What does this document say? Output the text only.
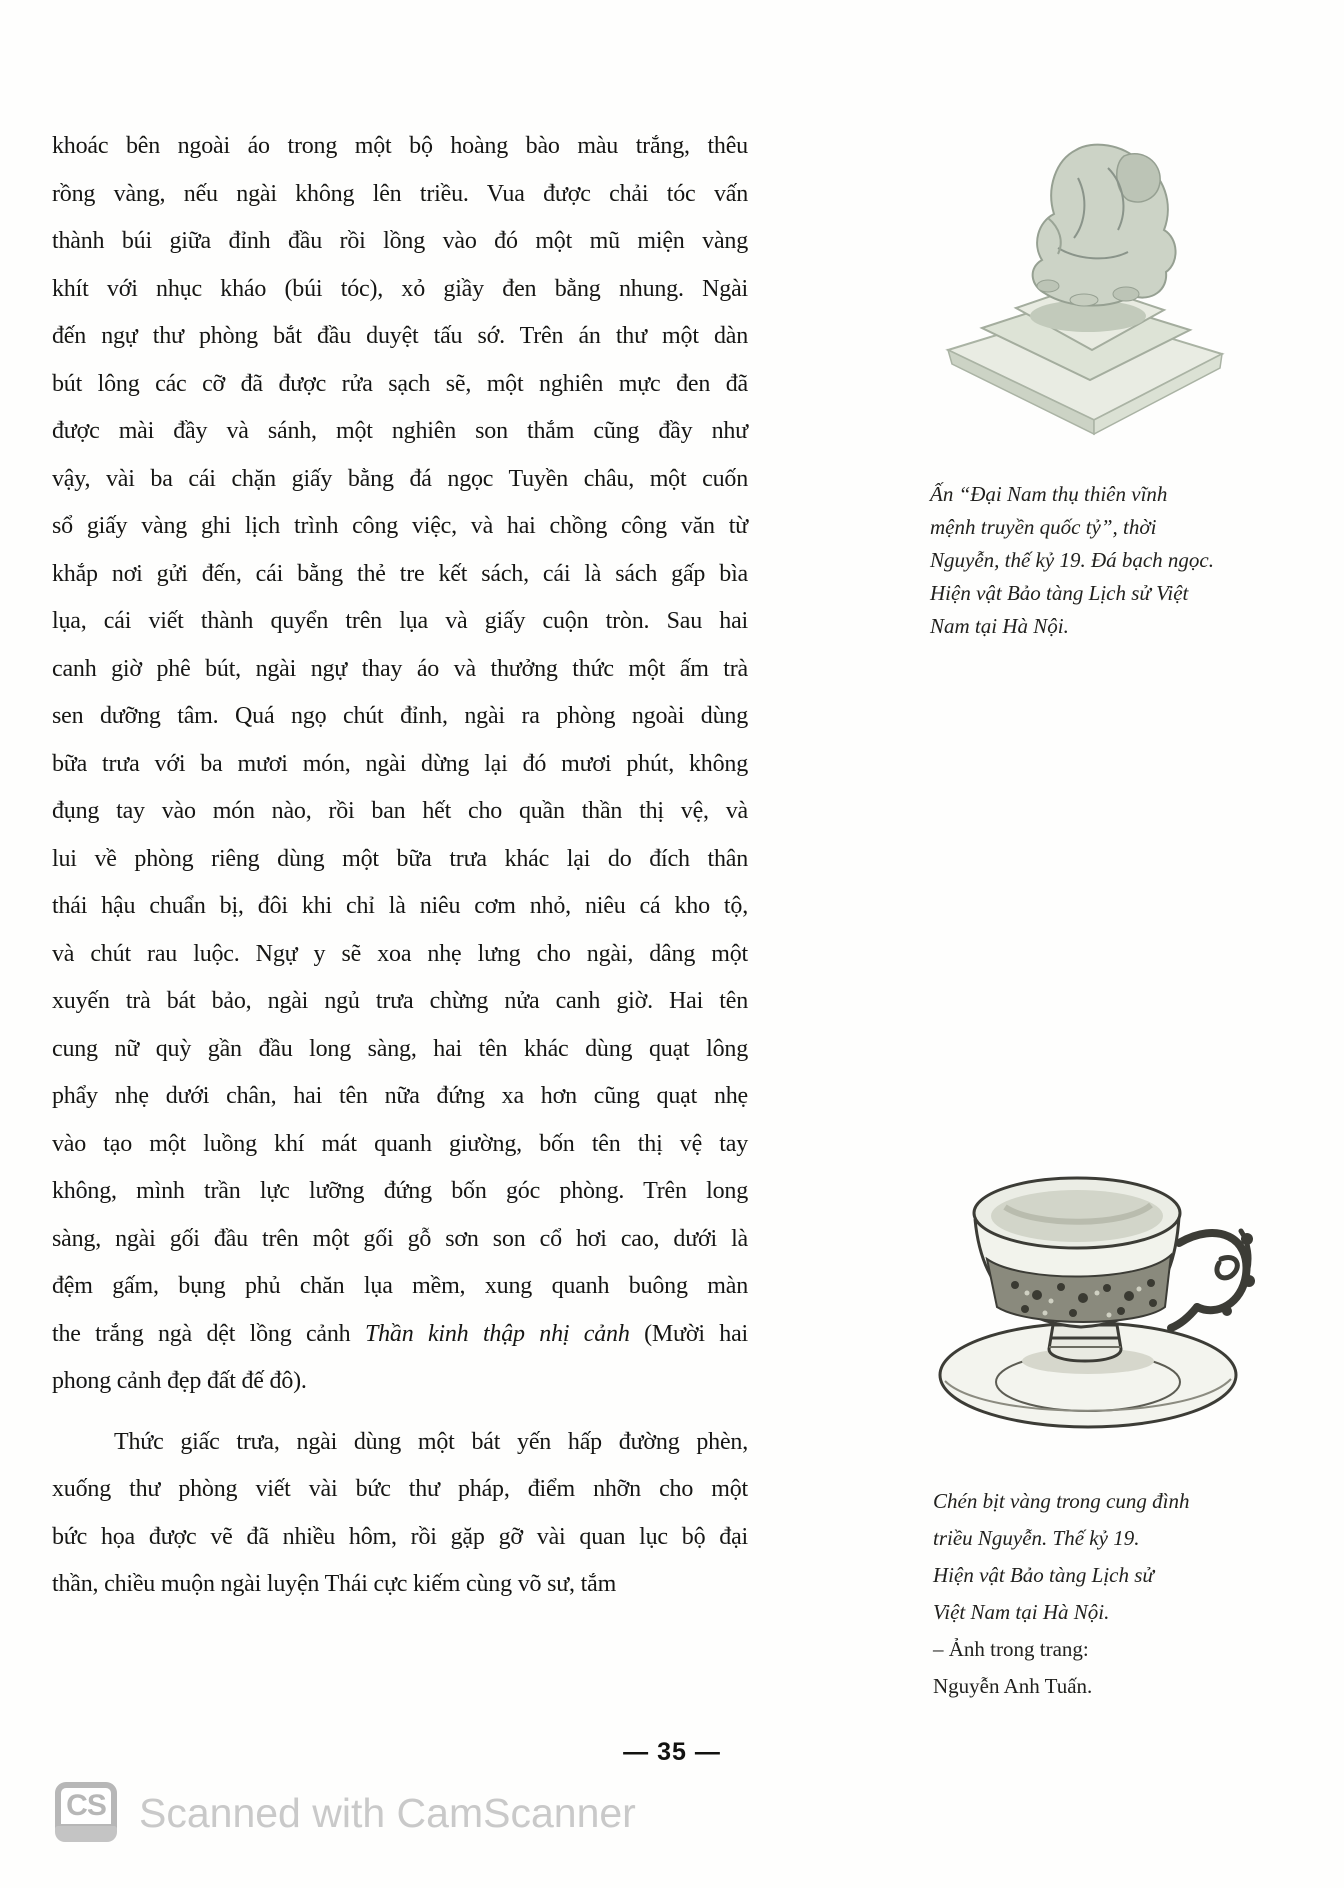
khoác bên ngoài áo trong một bộ hoàng bào màu trắng, thêu
rồng vàng, nếu ngài không lên triều. Vua được chải tóc vấn
thành búi giữa đỉnh đầu rồi lồng vào đó một mũ miện vàng
khít với nhục kháo (búi tóc), xỏ giầy đen bằng nhung. Ngài
đến ngự thư phòng bắt đầu duyệt tấu sớ. Trên án thư một dàn
bút lông các cỡ đã được rửa sạch sẽ, một nghiên mực đen đã
được mài đầy và sánh, một nghiên son thắm cũng đầy như
vậy, vài ba cái chặn giấy bằng đá ngọc Tuyền châu, một cuốn
sổ giấy vàng ghi lịch trình công việc, và hai chồng công văn từ
khắp nơi gửi đến, cái bằng thẻ tre kết sách, cái là sách gấp bìa
lụa, cái viết thành quyển trên lụa và giấy cuộn tròn. Sau hai
canh giờ phê bút, ngài ngự thay áo và thưởng thức một ấm trà
sen dưỡng tâm. Quá ngọ chút đỉnh, ngài ra phòng ngoài dùng
bữa trưa với ba mươi món, ngài dừng lại đó mươi phút, không
đụng tay vào món nào, rồi ban hết cho quần thần thị vệ, và
lui về phòng riêng dùng một bữa trưa khác lại do đích thân
thái hậu chuẩn bị, đôi khi chỉ là niêu cơm nhỏ, niêu cá kho tộ,
và chút rau luộc. Ngự y sẽ xoa nhẹ lưng cho ngài, dâng một
xuyến trà bát bảo, ngài ngủ trưa chừng nửa canh giờ. Hai tên
cung nữ quỳ gần đầu long sàng, hai tên khác dùng quạt lông
phẩy nhẹ dưới chân, hai tên nữa đứng xa hơn cũng quạt nhẹ
vào tạo một luồng khí mát quanh giường, bốn tên thị vệ tay
không, mình trần lực lưỡng đứng bốn góc phòng. Trên long
sàng, ngài gối đầu trên một gối gỗ sơn son cổ hơi cao, dưới là
đệm gấm, bụng phủ chăn lụa mềm, xung quanh buông màn
the trắng ngà dệt lồng cảnh Thần kinh thập nhị cảnh (Mười hai
phong cảnh đẹp đất đế đô).
Thức giấc trưa, ngài dùng một bát yến hấp đường phèn,
xuống thư phòng viết vài bức thư pháp, điểm nhỡn cho một
bức họa được vẽ đã nhiều hôm, rồi gặp gỡ vài quan lục bộ đại
thần, chiều muộn ngài luyện Thái cực kiếm cùng võ sư, tắm
Ấn “Đại Nam thụ thiên vĩnh
mệnh truyền quốc tỷ”, thời
Nguyễn, thế kỷ 19. Đá bạch ngọc.
Hiện vật Bảo tàng Lịch sử Việt
Nam tại Hà Nội.
Chén bịt vàng trong cung đình
triều Nguyễn. Thế kỷ 19.
Hiện vật Bảo tàng Lịch sử
Việt Nam tại Hà Nội.
– Ảnh trong trang:
Nguyễn Anh Tuấn.
— 35 —
CS Scanned with CamScanner
